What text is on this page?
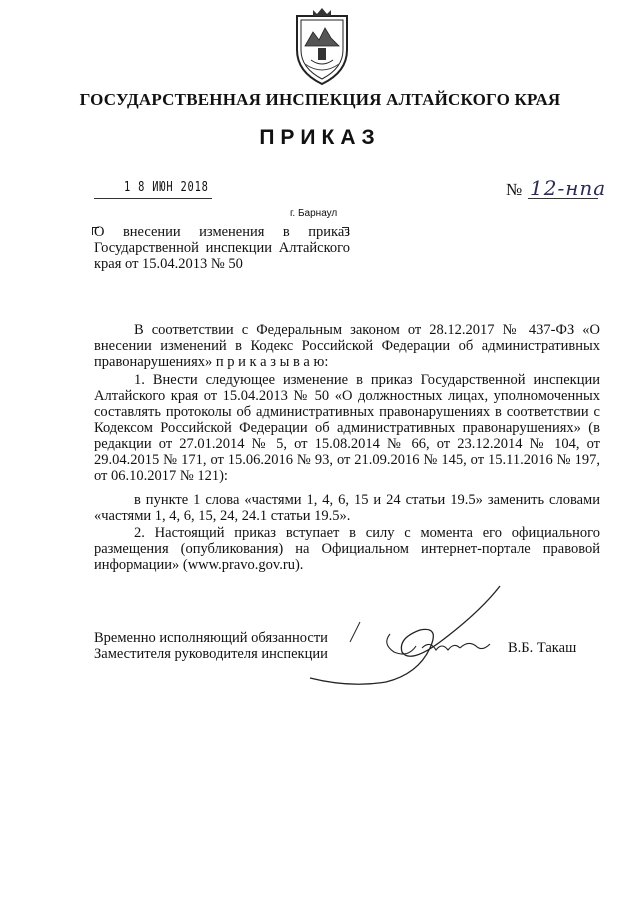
ГОСУДАРСТВЕННАЯ ИНСПЕКЦИЯ АЛТАЙСКОГО КРАЯ
ПРИКАЗ
1 8 ИЮН 2018	№ 12-нпа
г. Барнаул
О внесении изменения в приказ Государственной инспекции Алтайского края от 15.04.2013 № 50

В соответствии с Федеральным законом от 28.12.2017 № 437-ФЗ «О внесении изменений в Кодекс Российской Федерации об административных правонарушениях» п р и к а з ы в а ю:

1. Внести следующее изменение в приказ Государственной инспекции Алтайского края от 15.04.2013 № 50 «О должностных лицах, уполномоченных составлять протоколы об административных правонарушениях в соответствии с Кодексом Российской Федерации об административных правонарушениях» (в редакции от 27.01.2014 № 5, от 15.08.2014 № 66, от 23.12.2014 № 104, от 29.04.2015 № 171, от 15.06.2016 № 93, от 21.09.2016 № 145, от 15.11.2016 № 197, от 06.10.2017 № 121):

в пункте 1 слова «частями 1, 4, 6, 15 и 24 статьи 19.5» заменить словами «частями 1, 4, 6, 15, 24, 24.1 статьи 19.5».

2. Настоящий приказ вступает в силу с момента его официального размещения (опубликования) на Официальном интернет-портале правовой информации» (www.pravo.gov.ru).

Временно исполняющий обязанности
Заместителя руководителя инспекции	В.Б. Такаш
